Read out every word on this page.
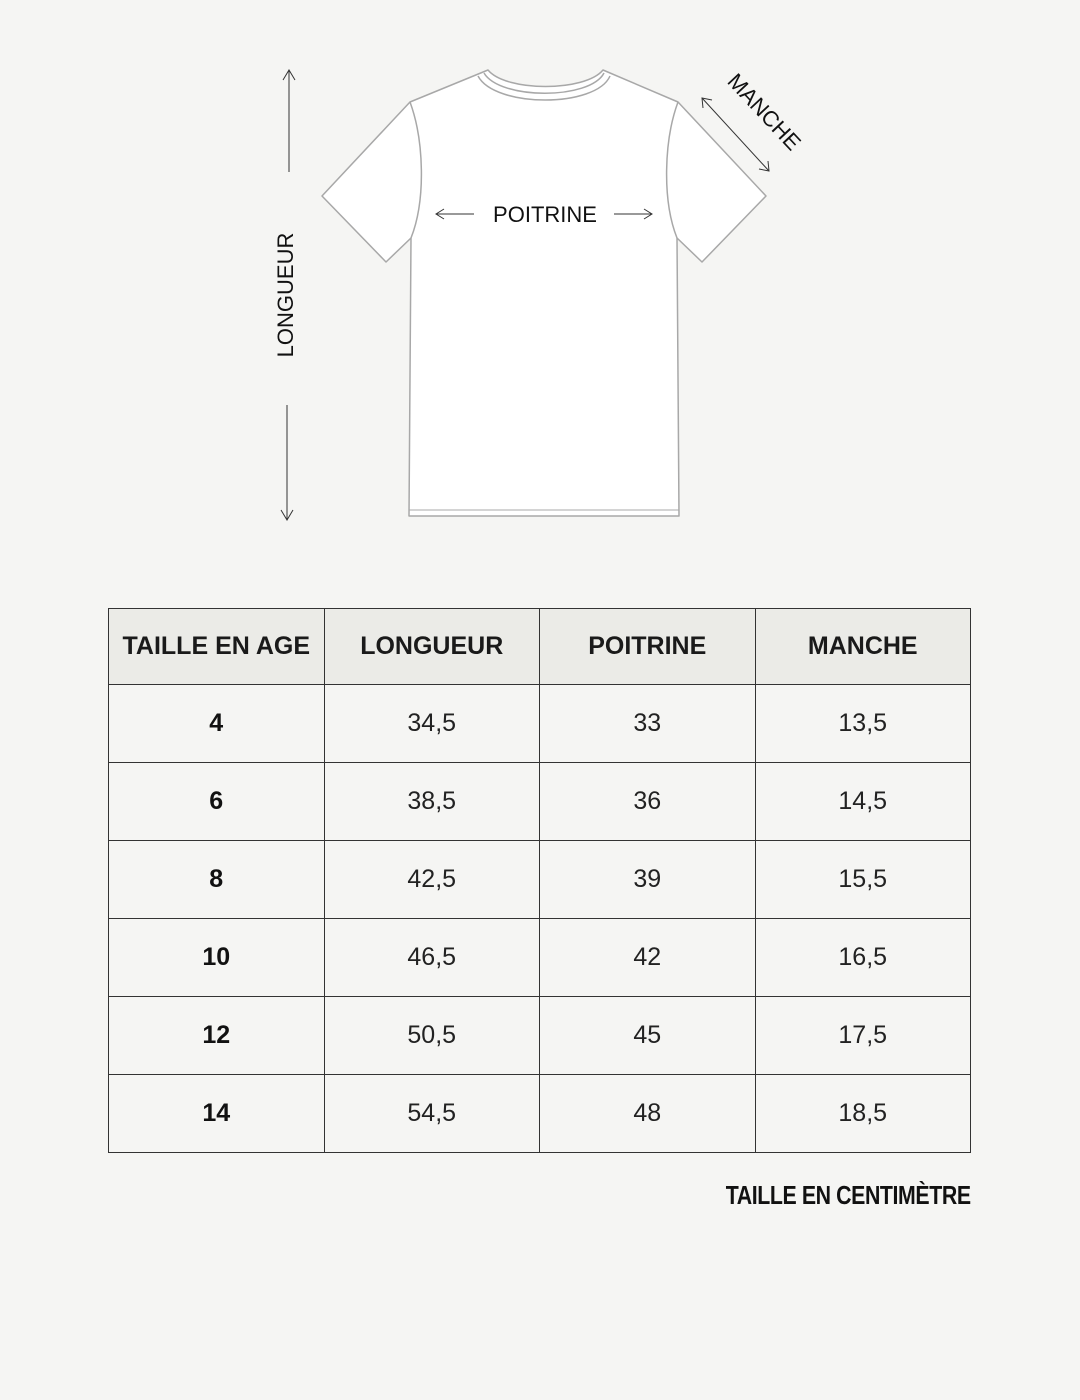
LONGUEUR
POITRINE
MANCHE
TAILLE EN AGE	LONGUEUR	POITRINE	MANCHE
4	34,5	33	13,5
6	38,5	36	14,5
8	42,5	39	15,5
10	46,5	42	16,5
12	50,5	45	17,5
14	54,5	48	18,5
TAILLE EN CENTIMÈTRE
